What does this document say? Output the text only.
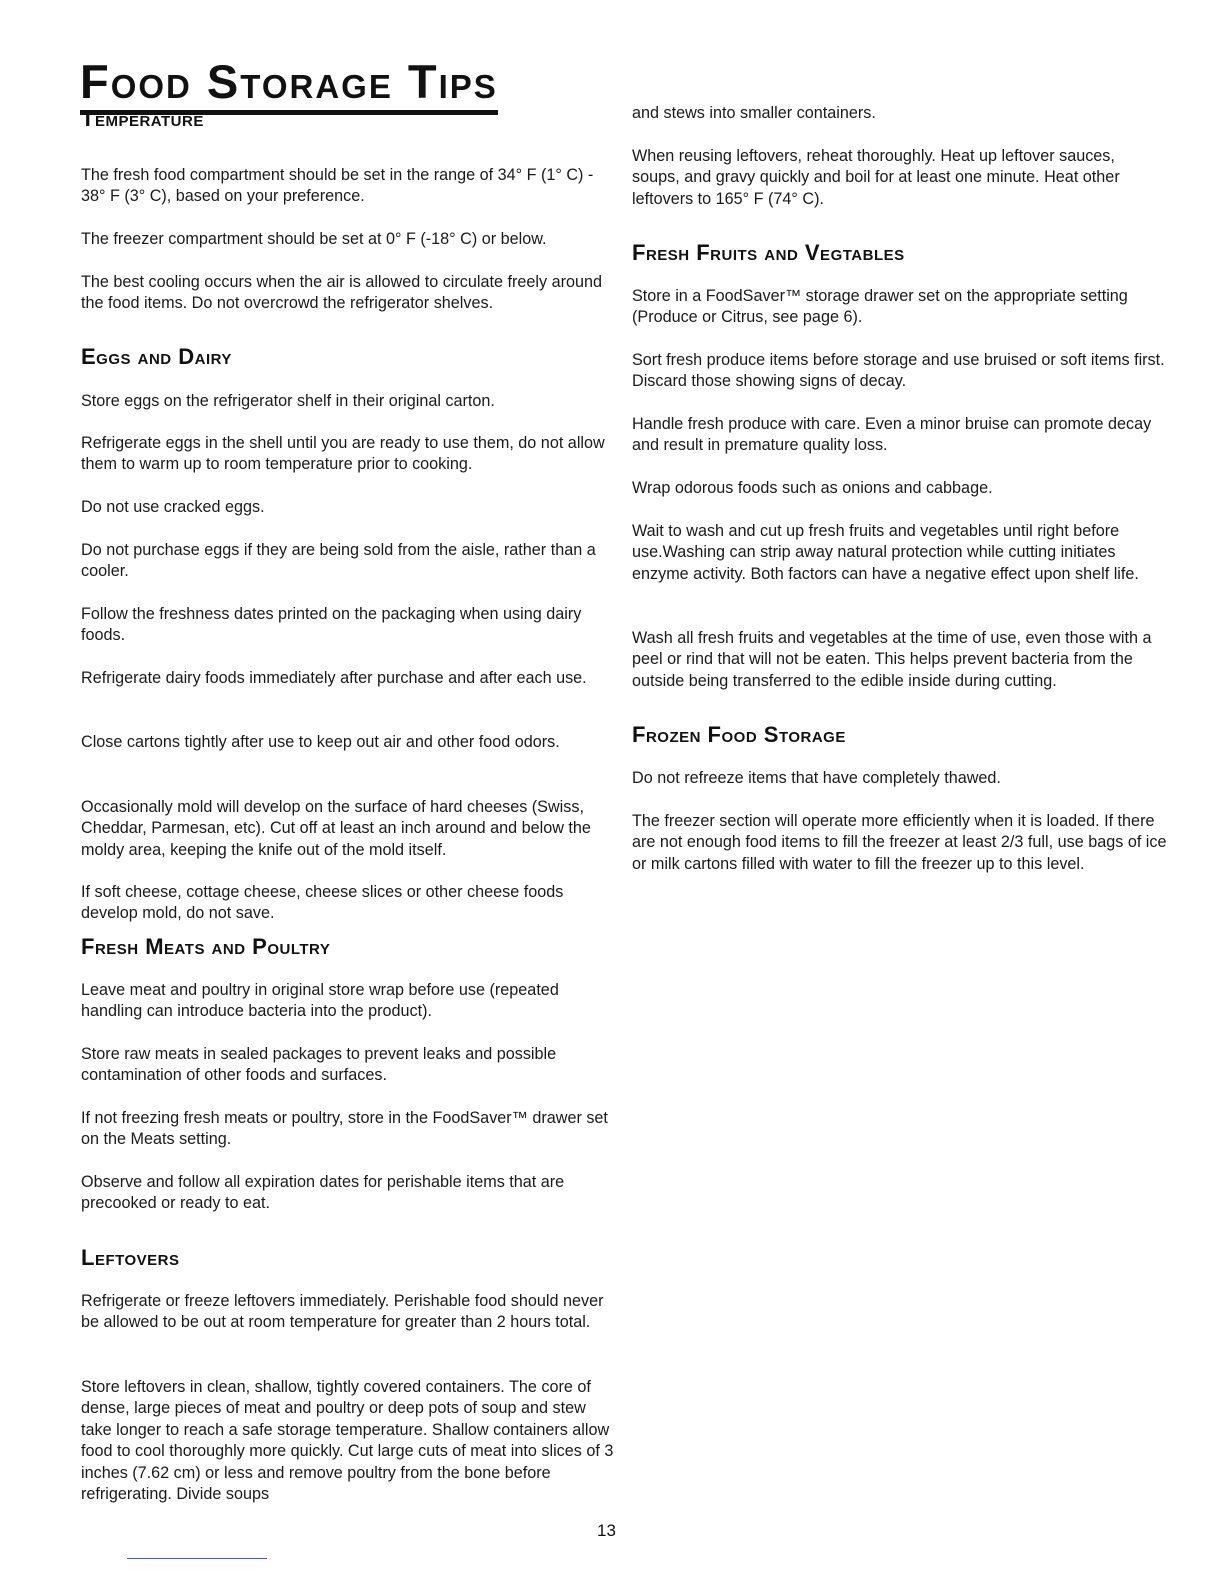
Food Storage Tips
Temperature

The fresh food compartment should be set in the range of 34° F (1° C) - 38° F (3° C), based on your preference.

The freezer compartment should be set at 0° F (-18° C) or below.

The best cooling occurs when the air is allowed to circulate freely around the food items. Do not overcrowd the refrigerator shelves.

Eggs and Dairy

Store eggs on the refrigerator shelf in their original carton.

Refrigerate eggs in the shell until you are ready to use them, do not allow them to warm up to room temperature prior to cooking.

Do not use cracked eggs.

Do not purchase eggs if they are being sold from the aisle, rather than a cooler.

Follow the freshness dates printed on the packaging when using dairy foods.

Refrigerate dairy foods immediately after purchase and after each use.

Close cartons tightly after use to keep out air and other food odors.

Occasionally mold will develop on the surface of hard cheeses (Swiss, Cheddar, Parmesan, etc). Cut off at least an inch around and below the moldy area, keeping the knife out of the mold itself.

If soft cheese, cottage cheese, cheese slices or other cheese foods develop mold, do not save.

Fresh Meats and Poultry

Leave meat and poultry in original store wrap before use (repeated handling can introduce bacteria into the product).

Store raw meats in sealed packages to prevent leaks and possible contamination of other foods and surfaces.

If not freezing fresh meats or poultry, store in the FoodSaver™ drawer set on the Meats setting.

Observe and follow all expiration dates for perishable items that are precooked or ready to eat.

Leftovers

Refrigerate or freeze leftovers immediately. Perishable food should never be allowed to be out at room temperature for greater than 2 hours total.

Store leftovers in clean, shallow, tightly covered containers. The core of dense, large pieces of meat and poultry or deep pots of soup and stew take longer to reach a safe storage temperature. Shallow containers allow food to cool thoroughly more quickly. Cut large cuts of meat into slices of 3 inches (7.62 cm) or less and remove poultry from the bone before refrigerating. Divide soups

and stews into smaller containers.

When reusing leftovers, reheat thoroughly. Heat up leftover sauces, soups, and gravy quickly and boil for at least one minute. Heat other leftovers to 165° F (74° C).

Fresh Fruits and Vegtables

Store in a FoodSaver™ storage drawer set on the appropriate setting (Produce or Citrus, see page 6).

Sort fresh produce items before storage and use bruised or soft items first. Discard those showing signs of decay.

Handle fresh produce with care. Even a minor bruise can promote decay and result in premature quality loss.

Wrap odorous foods such as onions and cabbage.

Wait to wash and cut up fresh fruits and vegetables until right before use.Washing can strip away natural protection while cutting initiates enzyme activity. Both factors can have a negative effect upon shelf life.

Wash all fresh fruits and vegetables at the time of use, even those with a peel or rind that will not be eaten. This helps prevent bacteria from the outside being transferred to the edible inside during cutting.

Frozen Food Storage

Do not refreeze items that have completely thawed.

The freezer section will operate more efficiently when it is loaded. If there are not enough food items to fill the freezer at least 2/3 full, use bags of ice or milk cartons filled with water to fill the freezer up to this level.

13
